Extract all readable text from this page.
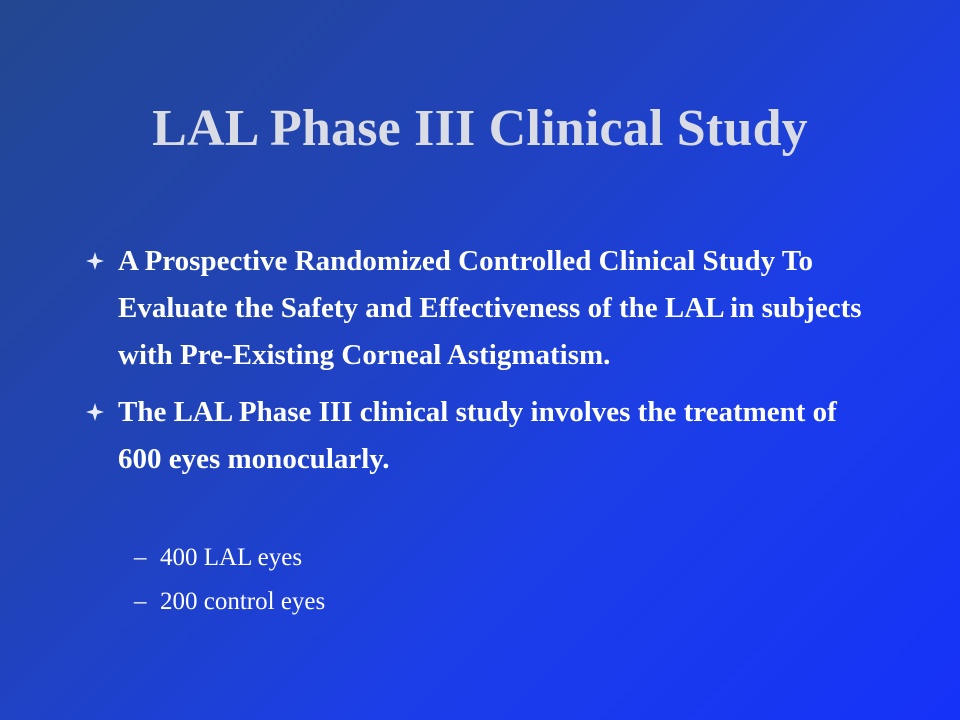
LAL Phase III Clinical Study
A Prospective Randomized Controlled Clinical Study To Evaluate the Safety and Effectiveness of the LAL in subjects with Pre-Existing Corneal Astigmatism.
The LAL Phase III clinical study involves the treatment of 600 eyes monocularly.
– 400 LAL eyes
– 200 control eyes
